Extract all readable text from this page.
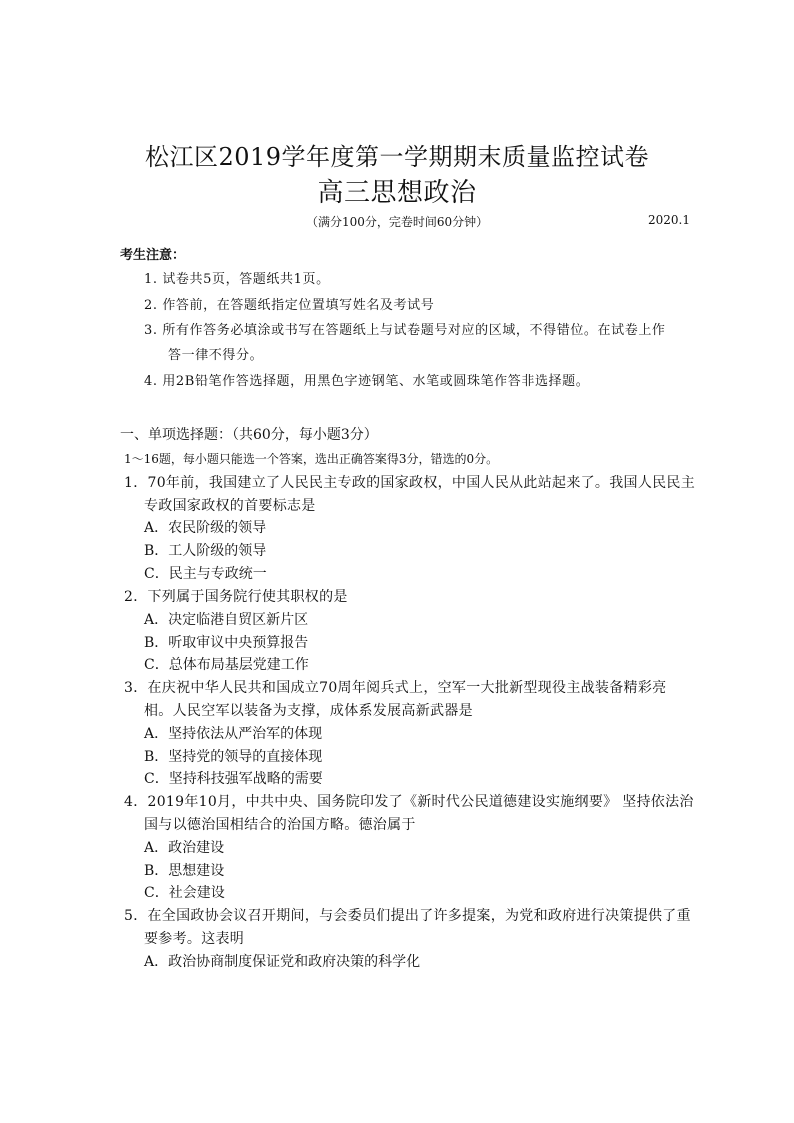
松江区2019学年度第一学期期末质量监控试卷
高三思想政治
（满分100分，完卷时间60分钟）	2020.1
考生注意：
1. 试卷共5页，答题纸共1页。
2. 作答前，在答题纸指定位置填写姓名及考试号
3. 所有作答务必填涂或书写在答题纸上与试卷题号对应的区域，不得错位。在试卷上作
答一律不得分。
4. 用2B铅笔作答选择题，用黑色字迹钢笔、水笔或圆珠笔作答非选择题。
一、单项选择题：（共60分，每小题3分）
1～16题，每小题只能选一个答案，选出正确答案得3分，错选的0分。
1．70年前，我国建立了人民民主专政的国家政权，中国人民从此站起来了。我国人民民主
专政国家政权的首要标志是
A．农民阶级的领导
B．工人阶级的领导
C．民主与专政统一
2．下列属于国务院行使其职权的是
A．决定临港自贸区新片区
B．听取审议中央预算报告
C．总体布局基层党建工作
3．在庆祝中华人民共和国成立70周年阅兵式上，空军一大批新型现役主战装备精彩亮
相。人民空军以装备为支撑，成体系发展高新武器是
A．坚持依法从严治军的体现
B．坚持党的领导的直接体现
C．坚持科技强军战略的需要
4．2019年10月，中共中央、国务院印发了《新时代公民道德建设实施纲要》 坚持依法治
国与以德治国相结合的治国方略。德治属于
A．政治建设
B．思想建设
C．社会建设
5．在全国政协会议召开期间，与会委员们提出了许多提案，为党和政府进行决策提供了重
要参考。这表明
A．政治协商制度保证党和政府决策的科学化
